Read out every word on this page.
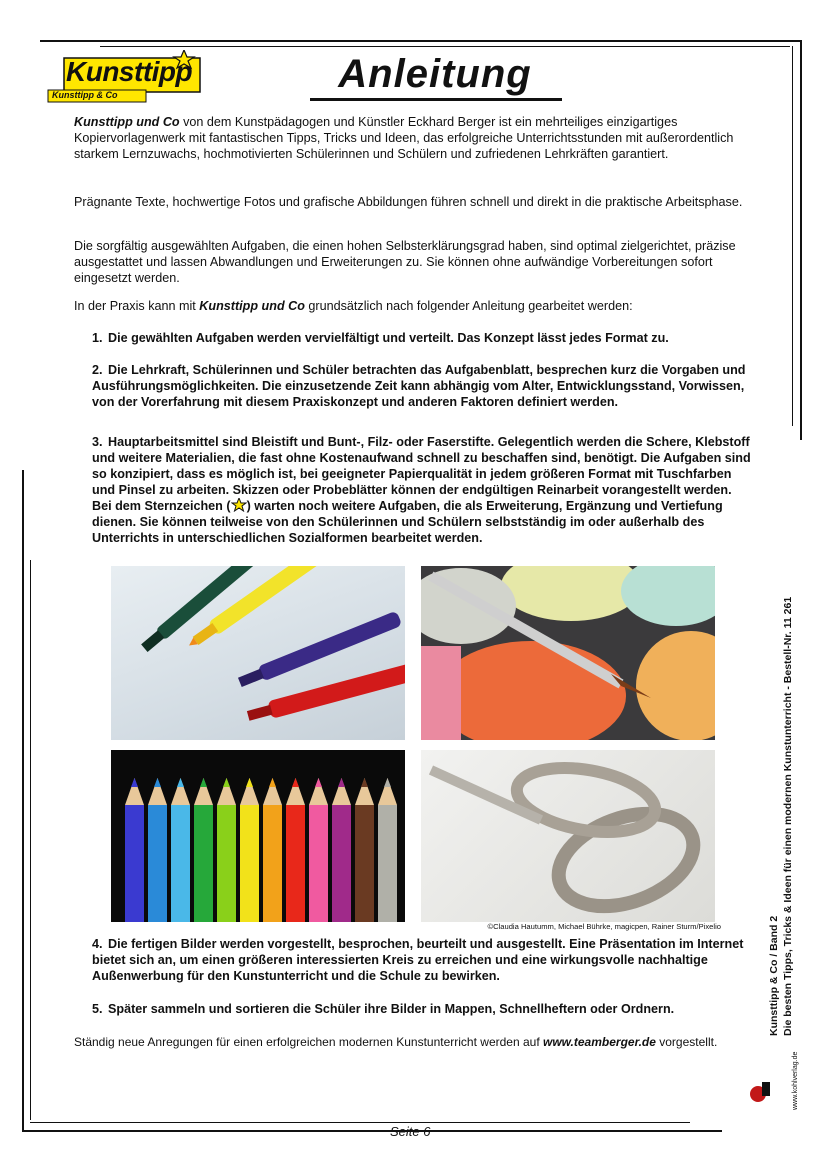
Kunsttipp
Kunsttipp & Co	Anleitung
Kunsttipp und Co von dem Kunstpädagogen und Künstler Eckhard Berger ist ein mehrteiliges einzigartiges Kopiervorlagenwerk mit fantastischen Tipps, Tricks und Ideen, das erfolgreiche Unterrichtsstunden mit außerordentlich starkem Lernzuwachs, hochmotivierten Schülerinnen und Schülern und zufriedenen Lehrkräften garantiert.
Prägnante Texte, hochwertige Fotos und grafische Abbildungen führen schnell und direkt in die praktische Arbeitsphase.
Die sorgfältig ausgewählten Aufgaben, die einen hohen Selbsterklärungsgrad haben, sind optimal zielgerichtet, präzise ausgestattet und lassen Abwandlungen und Erweiterungen zu. Sie können ohne aufwändige Vorbereitungen sofort eingesetzt werden.
In der Praxis kann mit Kunsttipp und Co grundsätzlich nach folgender Anleitung gearbeitet werden:
1. Die gewählten Aufgaben werden vervielfältigt und verteilt. Das Konzept lässt jedes Format zu.
2. Die Lehrkraft, Schülerinnen und Schüler betrachten das Aufgabenblatt, besprechen kurz die Vorgaben und Ausführungsmöglichkeiten. Die einzusetzende Zeit kann abhängig vom Alter, Entwicklungsstand, Vorwissen, von der Vorerfahrung mit diesem Praxiskonzept und anderen Faktoren definiert werden.
3. Hauptarbeitsmittel sind Bleistift und Bunt-, Filz- oder Faserstifte. Gelegentlich werden die Schere, Klebstoff und weitere Materialien, die fast ohne Kostenaufwand schnell zu beschaffen sind, benötigt. Die Aufgaben sind so konzipiert, dass es möglich ist, bei geeigneter Papierqualität in jedem größeren Format mit Tuschfarben und Pinsel zu arbeiten. Skizzen oder Probeblätter können der endgültigen Reinarbeit vorangestellt werden.
Bei dem Sternzeichen ( ) warten noch weitere Aufgaben, die als Erweiterung, Ergänzung und Vertiefung dienen. Sie können teilweise von den Schülerinnen und Schülern selbstständig im oder außerhalb des Unterrichts in unterschiedlichen Sozialformen bearbeitet werden.
©Claudia Hautumm, Michael Bührke, magicpen, Rainer Sturm/Pixelio
4. Die fertigen Bilder werden vorgestellt, besprochen, beurteilt und ausgestellt. Eine Präsentation im Internet bietet sich an, um einen größeren interessierten Kreis zu erreichen und eine wirkungsvolle nachhaltige Außenwerbung für den Kunstunterricht und die Schule zu bewirken.
5. Später sammeln und sortieren die Schüler ihre Bilder in Mappen, Schnellheftern oder Ordnern.
Ständig neue Anregungen für einen erfolgreichen modernen Kunstunterricht werden auf www.teamberger.de vorgestellt.
Kunsttipp & Co / Band 2 Die besten Tipps, Tricks & Ideen für einen modernen Kunstunterricht - Bestell-Nr. 11 261
www.kohlverlag.de
Seite 6
